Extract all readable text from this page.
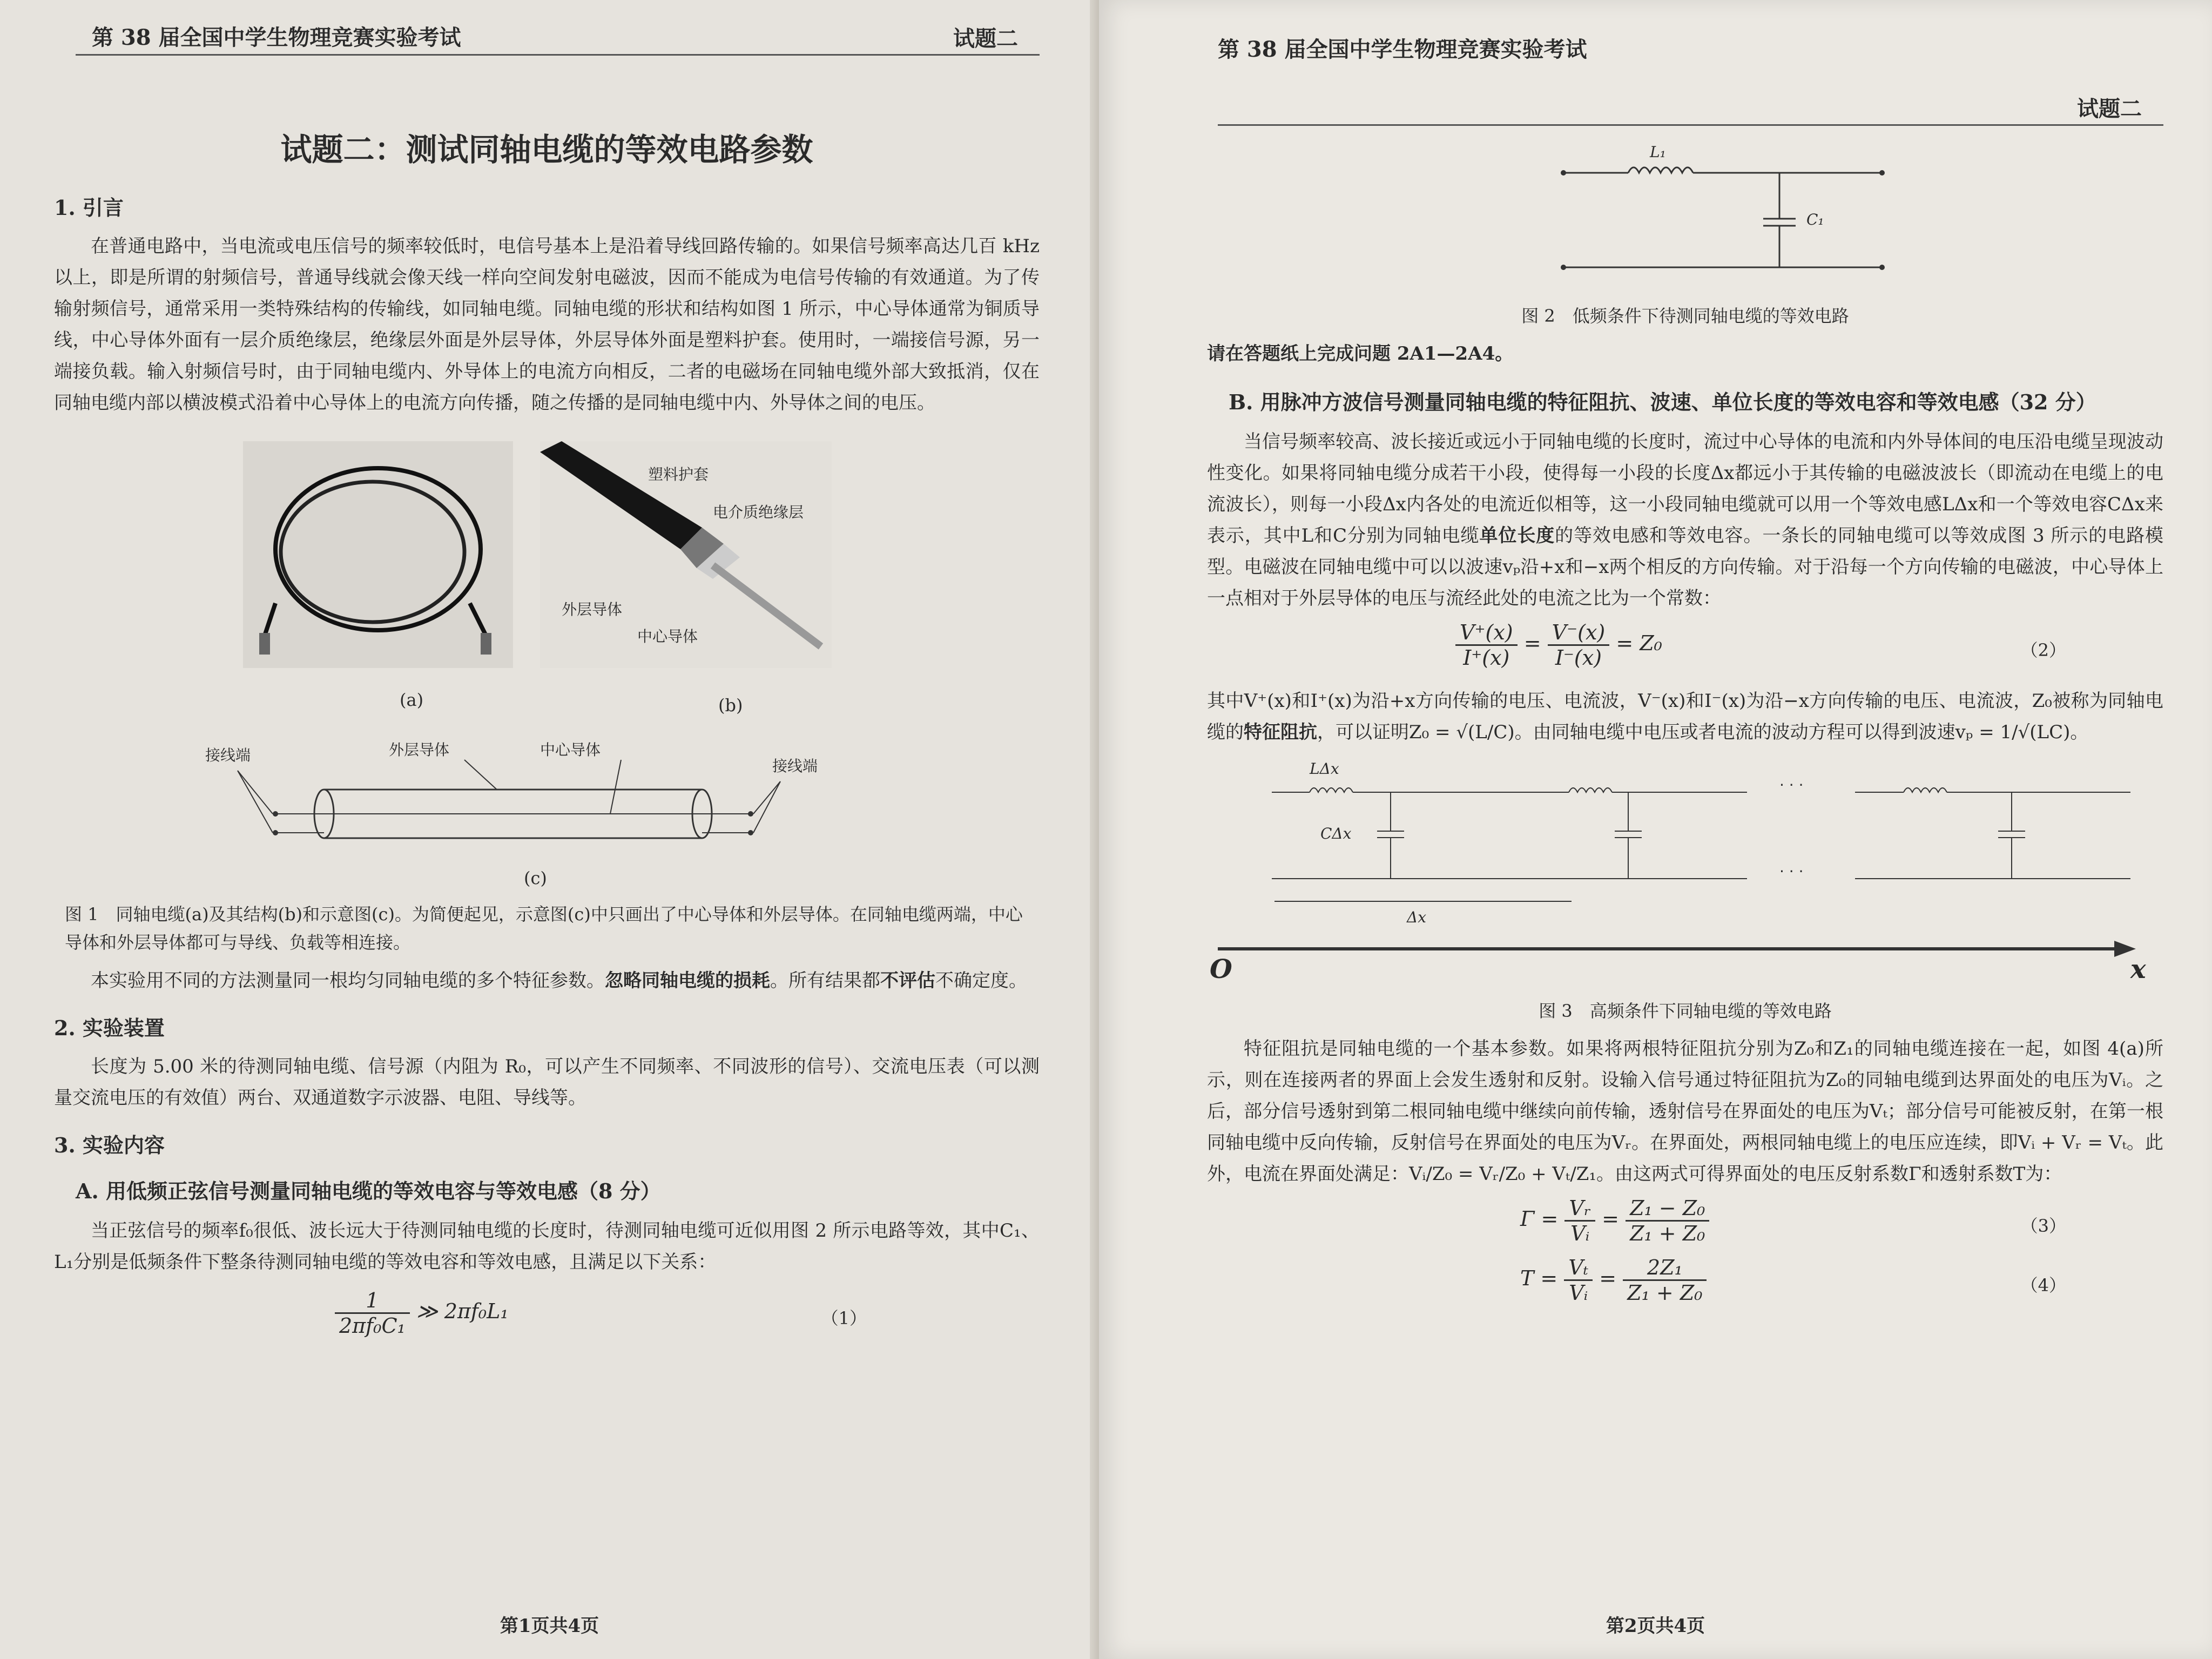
第 38 届全国中学生物理竞赛实验考试	试题二
试题二：测试同轴电缆的等效电路参数
1. 引言

在普通电路中，当电流或电压信号的频率较低时，电信号基本上是沿着导线回路传输的。如果信号频率高达几百 kHz 以上，即是所谓的射频信号，普通导线就会像天线一样向空间发射电磁波，因而不能成为电信号传输的有效通道。为了传输射频信号，通常采用一类特殊结构的传输线，如同轴电缆。同轴电缆的形状和结构如图 1 所示，中心导体通常为铜质导线，中心导体外面有一层介质绝缘层，绝缘层外面是外层导体，外层导体外面是塑料护套。使用时，一端接信号源，另一端接负载。输入射频信号时，由于同轴电缆内、外导体上的电流方向相反，二者的电磁场在同轴电缆外部大致抵消，仅在同轴电缆内部以横波模式沿着中心导体上的电流方向传播，随之传播的是同轴电缆中内、外导体之间的电压。

塑料护套
电介质绝缘层
外层导体
中心导体
(a)	(b)
接线端
接线端
外层导体	中心导体
(c)
图 1　同轴电缆(a)及其结构(b)和示意图(c)。为简便起见，示意图(c)中只画出了中心导体和外层导体。在同轴电缆两端，中心导体和外层导体都可与导线、负载等相连接。

本实验用不同的方法测量同一根均匀同轴电缆的多个特征参数。忽略同轴电缆的损耗。所有结果都不评估不确定度。

2. 实验装置

长度为 5.00 米的待测同轴电缆、信号源（内阻为 R₀，可以产生不同频率、不同波形的信号）、交流电压表（可以测量交流电压的有效值）两台、双通道数字示波器、电阻、导线等。

3. 实验内容
A. 用低频正弦信号测量同轴电缆的等效电容与等效电感（8 分）

当正弦信号的频率f₀很低、波长远大于待测同轴电缆的长度时，待测同轴电缆可近似用图 2 所示电路等效，其中C₁、L₁分别是低频条件下整条待测同轴电缆的等效电容和等效电感，且满足以下关系：

$\frac{1}{\text{2πf₀C₁}}$ ≫ 2πf₀L₁	（1）
第1页共4页
第 38 届全国中学生物理竞赛实验考试
试题二
L₁
C₁
图 2　低频条件下待测同轴电缆的等效电路

请在答题纸上完成问题 2A1—2A4。

B. 用脉冲方波信号测量同轴电缆的特征阻抗、波速、单位长度的等效电容和等效电感（32 分）

当信号频率较高、波长接近或远小于同轴电缆的长度时，流过中心导体的电流和内外导体间的电压沿电缆呈现波动性变化。如果将同轴电缆分成若干小段，使得每一小段的长度Δx都远小于其传输的电磁波波长（即流动在电缆上的电流波长），则每一小段Δx内各处的电流近似相等，这一小段同轴电缆就可以用一个等效电感LΔx和一个等效电容CΔx来表示，其中L和C分别为同轴电缆单位长度的等效电感和等效电容。一条长的同轴电缆可以等效成图 3 所示的电路模型。电磁波在同轴电缆中可以以波速vₚ沿+x和−x两个相反的方向传输。对于沿每一个方向传输的电磁波，中心导体上一点相对于外层导体的电压与流经此处的电流之比为一个常数：

$\frac{V^+(x)}{I^+(x)} = \frac{V^-(x)}{I^-(x)} = Z_0$	（2）

其中V⁺(x)和I⁺(x)为沿+x方向传输的电压、电流波，V⁻(x)和I⁻(x)为沿−x方向传输的电压、电流波，Z₀被称为同轴电缆的特征阻抗，可以证明Z₀ = √(L/C)。由同轴电缆中电压或者电流的波动方程可以得到波速vₚ = 1/√(LC)。

LΔx
CΔx
Δx
· · ·
· · ·
O	x
图 3　高频条件下同轴电缆的等效电路

特征阻抗是同轴电缆的一个基本参数。如果将两根特征阻抗分别为Z₀和Z₁的同轴电缆连接在一起，如图 4(a)所示，则在连接两者的界面上会发生透射和反射。设输入信号通过特征阻抗为Z₀的同轴电缆到达界面处的电压为Vᵢ。之后，部分信号透射到第二根同轴电缆中继续向前传输，透射信号在界面处的电压为Vₜ；部分信号可能被反射，在第一根同轴电缆中反向传输，反射信号在界面处的电压为Vᵣ。在界面处，两根同轴电缆上的电压应连续，即Vᵢ + Vᵣ = Vₜ。此外，电流在界面处满足：Vᵢ/Z₀ = Vᵣ/Z₀ + Vₜ/Z₁。由这两式可得界面处的电压反射系数Γ和透射系数T为：

$\Gamma = \frac{\text{Vᵣ}}{\text{Vᵢ}} = \frac{\text{Z₁ − Z₀}}{\text{Z₁ + Z₀}}$	（3）
$T = \frac{\text{Vₜ}}{\text{Vᵢ}} = \frac{\text{2Z₁}}{\text{Z₁ + Z₀}}$	（4）
第2页共4页
